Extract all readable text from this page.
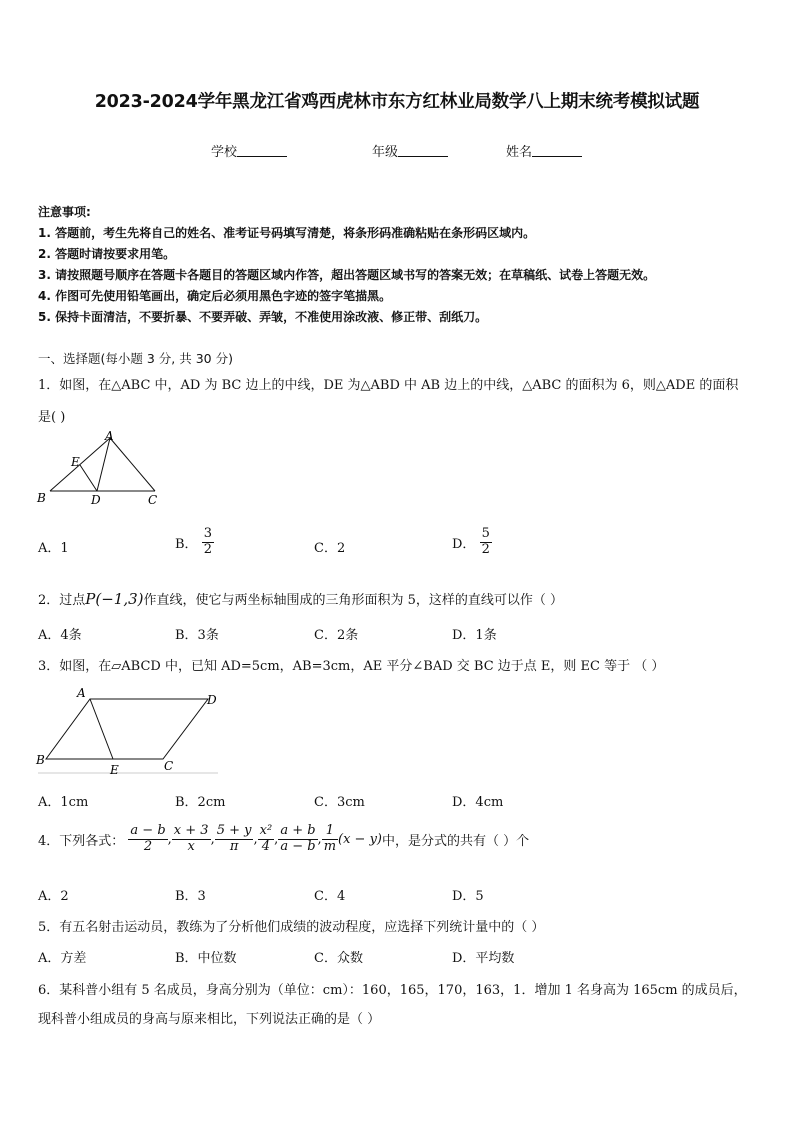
2023-2024学年黑龙江省鸡西虎林市东方红林业局数学八上期末统考模拟试题
学校	年级	姓名
注意事项:
1. 答题前，考生先将自己的姓名、准考证号码填写清楚，将条形码准确粘贴在条形码区域内。
2. 答题时请按要求用笔。
3. 请按照题号顺序在答题卡各题目的答题区域内作答，超出答题区域书写的答案无效；在草稿纸、试卷上答题无效。
4. 作图可先使用铅笔画出，确定后必须用黑色字迹的签字笔描黑。
5. 保持卡面清洁，不要折暴、不要弄破、弄皱，不准使用涂改液、修正带、刮纸刀。
一、选择题(每小题 3 分, 共 30 分)
1．如图，在△ABC 中，AD 为 BC 边上的中线，DE 为△ABD 中 AB 边上的中线，△ABC 的面积为 6，则△ADE 的面积
是( )
A
E
B	D	C
A．1	B． $\frac{3}{2}$	C．2	D． $\frac{5}{2}$
2．过点P(−1,3)作直线，使它与两坐标轴围成的三角形面积为 5，这样的直线可以作（ ）
A．4条	B．3条	C．2条	D．1条
3．如图，在▱ABCD 中，已知 AD=5cm，AB=3cm，AE 平分∠BAD 交 BC 边于点 E，则 EC 等于 （ ）
A	D
B
E	C
A．1cm	B．2cm	C．3cm	D．4cm
4．下列各式： $\frac{a - b}{2}$ , $\frac{x + 3}{x}$ , $\frac{5 + y}{\pi}$ , $\frac{\text{x²}}{4}$ , $\frac{a + b}{a - b}$ , $\frac{1}{m} (x - y)$中，是分式的共有（ ）个
A．2	B．3	C．4	D．5
5．有五名射击运动员，教练为了分析他们成绩的波动程度，应选择下列统计量中的（ ）
A．方差	B．中位数	C．众数	D．平均数
6．某科普小组有 5 名成员，身高分别为（单位：cm）：160，165，170，163，1．增加 1 名身高为 165cm 的成员后，
现科普小组成员的身高与原来相比，下列说法正确的是（ ）
